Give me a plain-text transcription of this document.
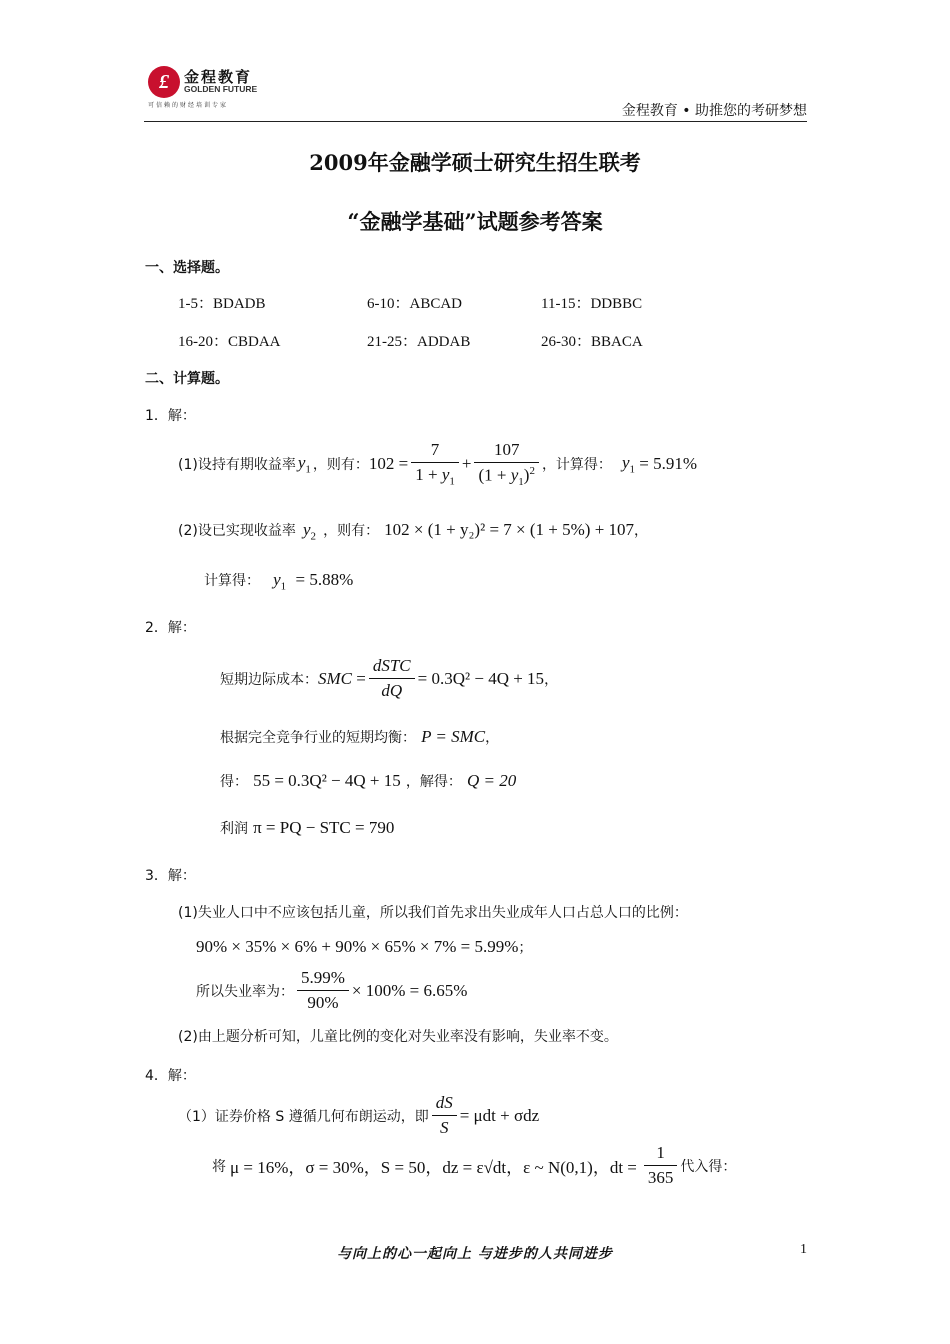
£	金程教育
GOLDEN FUTURE
可信赖的财经培训专家	金程教育 • 助推您的考研梦想
2009年金融学硕士研究生招生联考
“金融学基础”试题参考答案
一、选择题。
1-5：BDADB	6-10：ABCAD	11-15：DDBBC
16-20：CBDAA	21-25：ADDAB	26-30：BBACA
二、计算题。
1．解：
(1)设持有期收益率 $y_1$ ，则有： $102 = \frac{7}{1 + y_1} + \frac{107}{(1 + y_1)^2}$ ，计算得： $y_1 = 5.91\%$
(2)设已实现收益率 $y_2$ ，则有： 102 × (1 + y₂)² = 7 × (1 + 5%) + 107，
计算得： $y_1 = 5.88\%$
2．解：
短期边际成本： SMC = $\frac{\text{dSTC}}{dQ} = 0.3Q^2 - 4Q + 15$ ，
根据完全竞争行业的短期均衡： P = SMC，
得： 55 = 0.3Q² − 4Q + 15 ，解得： Q = 20
利润 π = PQ − STC = 790
3．解：
(1)失业人口中不应该包括儿童，所以我们首先求出失业成年人口占总人口的比例：
90% × 35% × 6% + 90% × 65% × 7% = 5.99%；
所以失业率为： $\frac{5.99\%}{90\%} \times 100\% = 6.65\%$
(2)由上题分析可知，儿童比例的变化对失业率没有影响，失业率不变。
4．解：
（1）证券价格 S 遵循几何布朗运动，即 $\frac{dS}{S} = \mu dt + \sigma dz$
将 μ = 16%，σ = 30%，S = 50，dz = ε√dt，ε ~ N(0,1)，dt = $\frac{1}{365}$ 代入得：
与向上的心一起向上 与进步的人共同进步	1
